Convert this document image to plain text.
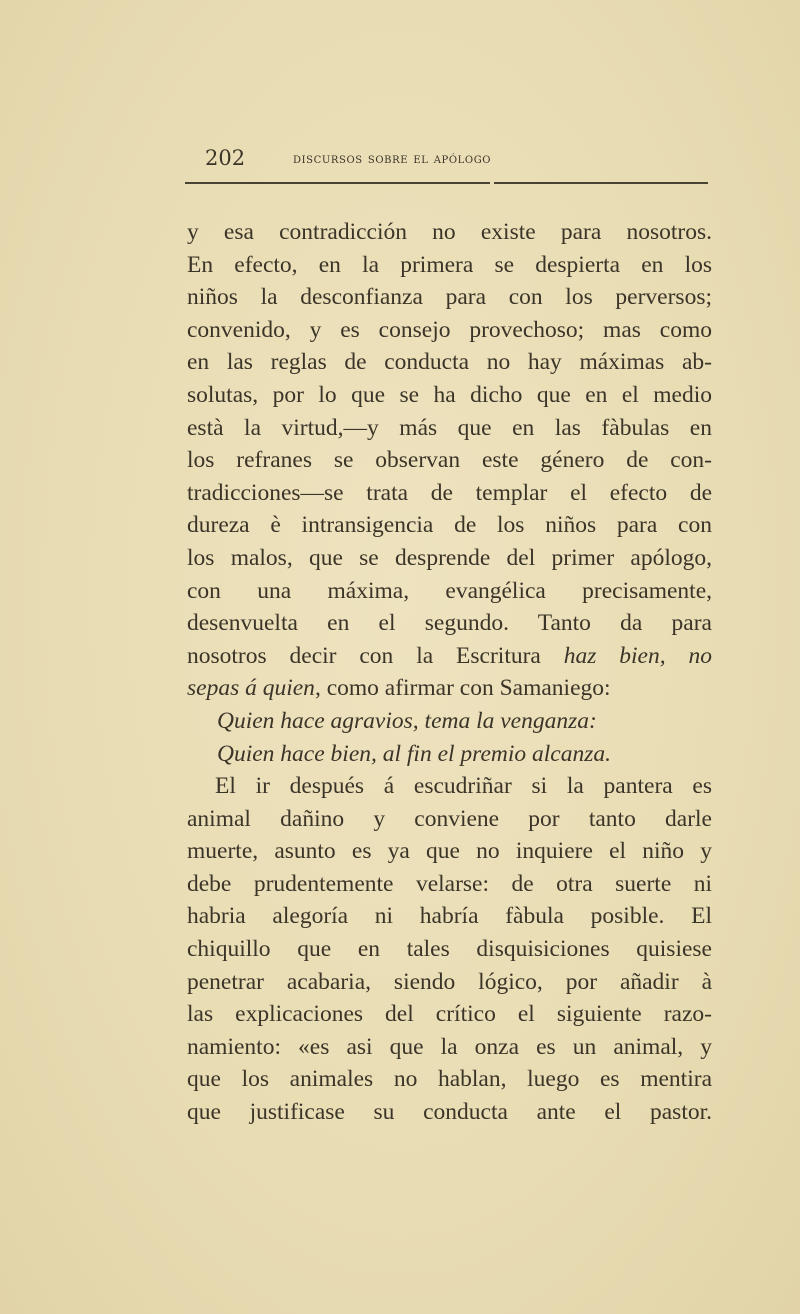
202	discursos sobre el apólogo
y esa contradicción no existe para nosotros.
En efecto, en la primera se despierta en los
niños la desconfianza para con los perversos;
convenido, y es consejo provechoso; mas como
en las reglas de conducta no hay máximas ab-
solutas, por lo que se ha dicho que en el medio
està la virtud,—y más que en las fàbulas en
los refranes se observan este género de con-
tradicciones—se trata de templar el efecto de
dureza è intransigencia de los niños para con
los malos, que se desprende del primer apólogo,
con una máxima, evangélica precisamente,
desenvuelta en el segundo. Tanto da para
nosotros decir con la Escritura haz bien, no
sepas á quien, como afirmar con Samaniego:
Quien hace agravios, tema la venganza:
Quien hace bien, al fin el premio alcanza.
El ir después á escudriñar si la pantera es
animal dañino y conviene por tanto darle
muerte, asunto es ya que no inquiere el niño y
debe prudentemente velarse: de otra suerte ni
habria alegoría ni habría fàbula posible. El
chiquillo que en tales disquisiciones quisiese
penetrar acabaria, siendo lógico, por añadir à
las explicaciones del crítico el siguiente razo-
namiento: «es asi que la onza es un animal, y
que los animales no hablan, luego es mentira
que justificase su conducta ante el pastor.
